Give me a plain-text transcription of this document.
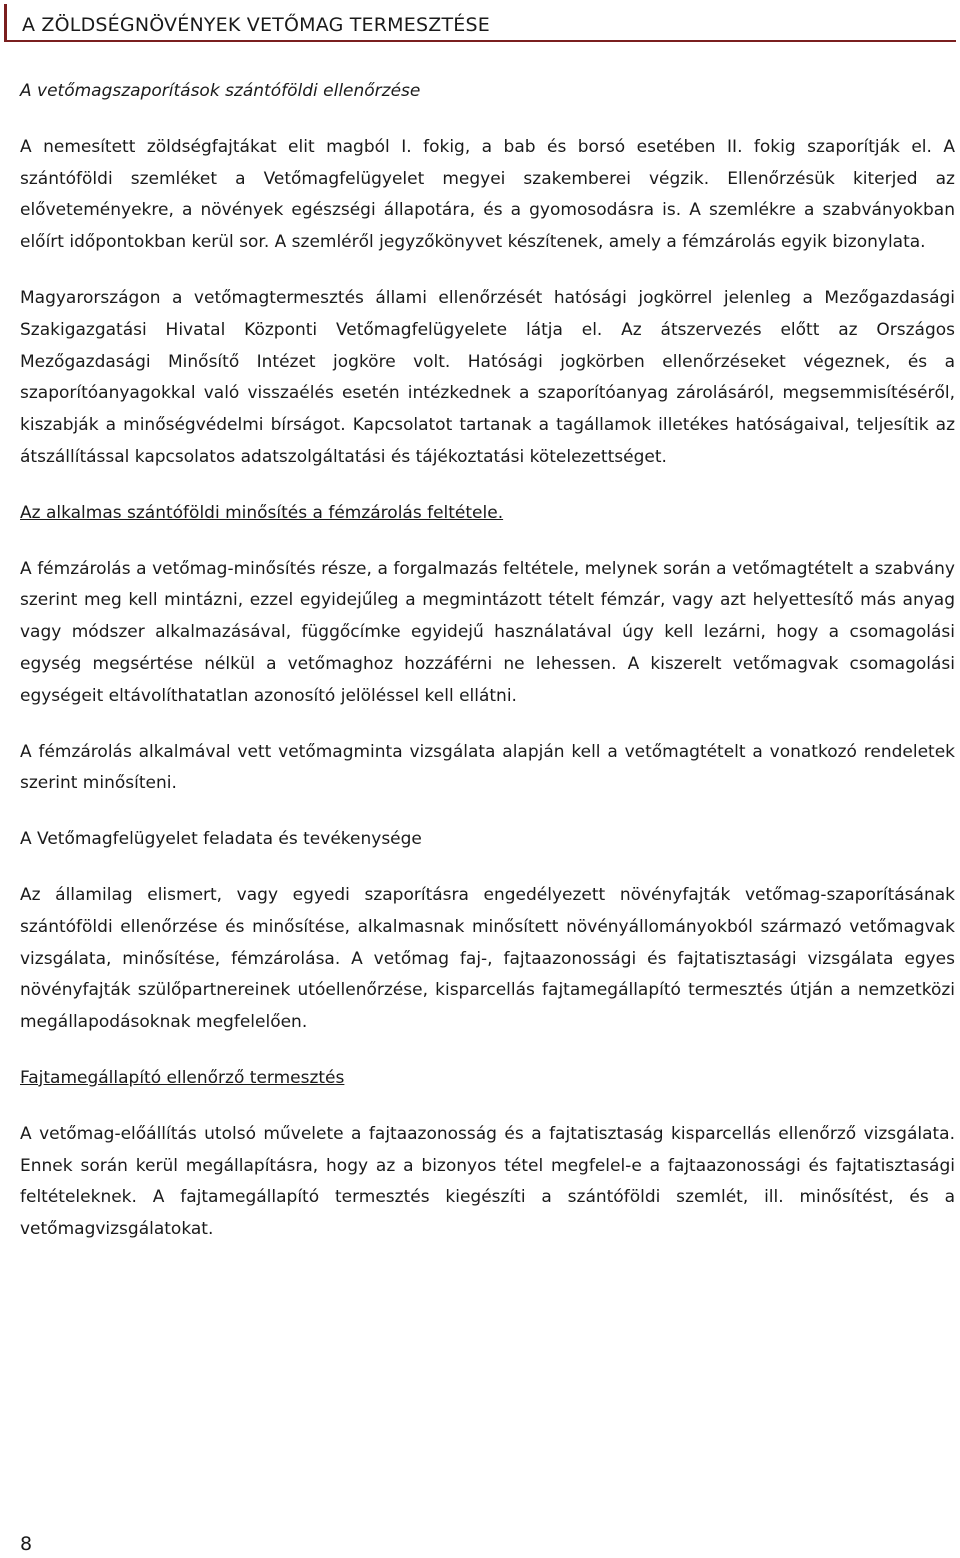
A ZÖLDSÉGNÖVÉNYEK VETŐMAG TERMESZTÉSE

A vetőmagszaporítások szántóföldi ellenőrzése

A nemesített zöldségfajtákat elit magból I. fokig, a bab és borsó esetében II. fokig szaporítják el. A szántóföldi szemléket a Vetőmagfelügyelet megyei szakemberei végzik. Ellenőrzésük kiterjed az előveteményekre, a növények egészségi állapotára, és a gyomosodásra is. A szemlékre a szabványokban előírt időpontokban kerül sor. A szemléről jegyzőkönyvet készítenek, amely a fémzárolás egyik bizonylata.

Magyarországon a vetőmagtermesztés állami ellenőrzését hatósági jogkörrel jelenleg a Mezőgazdasági Szakigazgatási Hivatal Központi Vetőmagfelügyelete látja el. Az átszervezés előtt az Országos Mezőgazdasági Minősítő Intézet jogköre volt. Hatósági jogkörben ellenőrzéseket végeznek, és a szaporítóanyagokkal való visszaélés esetén intézkednek a szaporítóanyag zárolásáról, megsemmisítéséről, kiszabják a minőségvédelmi bírságot. Kapcsolatot tartanak a tagállamok illetékes hatóságaival, teljesítik az átszállítással kapcsolatos adatszolgáltatási és tájékoztatási kötelezettséget.

Az alkalmas szántóföldi minősítés a fémzárolás feltétele.

A fémzárolás a vetőmag-minősítés része, a forgalmazás feltétele, melynek során a vetőmagtételt a szabvány szerint meg kell mintázni, ezzel egyidejűleg a megmintázott tételt fémzár, vagy azt helyettesítő más anyag vagy módszer alkalmazásával, függőcímke egyidejű használatával úgy kell lezárni, hogy a csomagolási egység megsértése nélkül a vetőmaghoz hozzáférni ne lehessen. A kiszerelt vetőmagvak csomagolási egységeit eltávolíthatatlan azonosító jelöléssel kell ellátni.

A fémzárolás alkalmával vett vetőmagminta vizsgálata alapján kell a vetőmagtételt a vonatkozó rendeletek szerint minősíteni.

A Vetőmagfelügyelet feladata és tevékenysége

Az államilag elismert, vagy egyedi szaporításra engedélyezett növényfajták vetőmag-szaporításának szántóföldi ellenőrzése és minősítése, alkalmasnak minősített növényállományokból származó vetőmagvak vizsgálata, minősítése, fémzárolása. A vetőmag faj-, fajtaazonossági és fajtatisztasági vizsgálata egyes növényfajták szülőpartnereinek utóellenőrzése, kisparcellás fajtamegállapító termesztés útján a nemzetközi megállapodásoknak megfelelően.

Fajtamegállapító ellenőrző termesztés

A vetőmag-előállítás utolsó művelete a fajtaazonosság és a fajtatisztaság kisparcellás ellenőrző vizsgálata. Ennek során kerül megállapításra, hogy az a bizonyos tétel megfelel-e a fajtaazonossági és fajtatisztasági feltételeknek. A fajtamegállapító termesztés kiegészíti a szántóföldi szemlét, ill. minősítést, és a vetőmagvizsgálatokat.

8
